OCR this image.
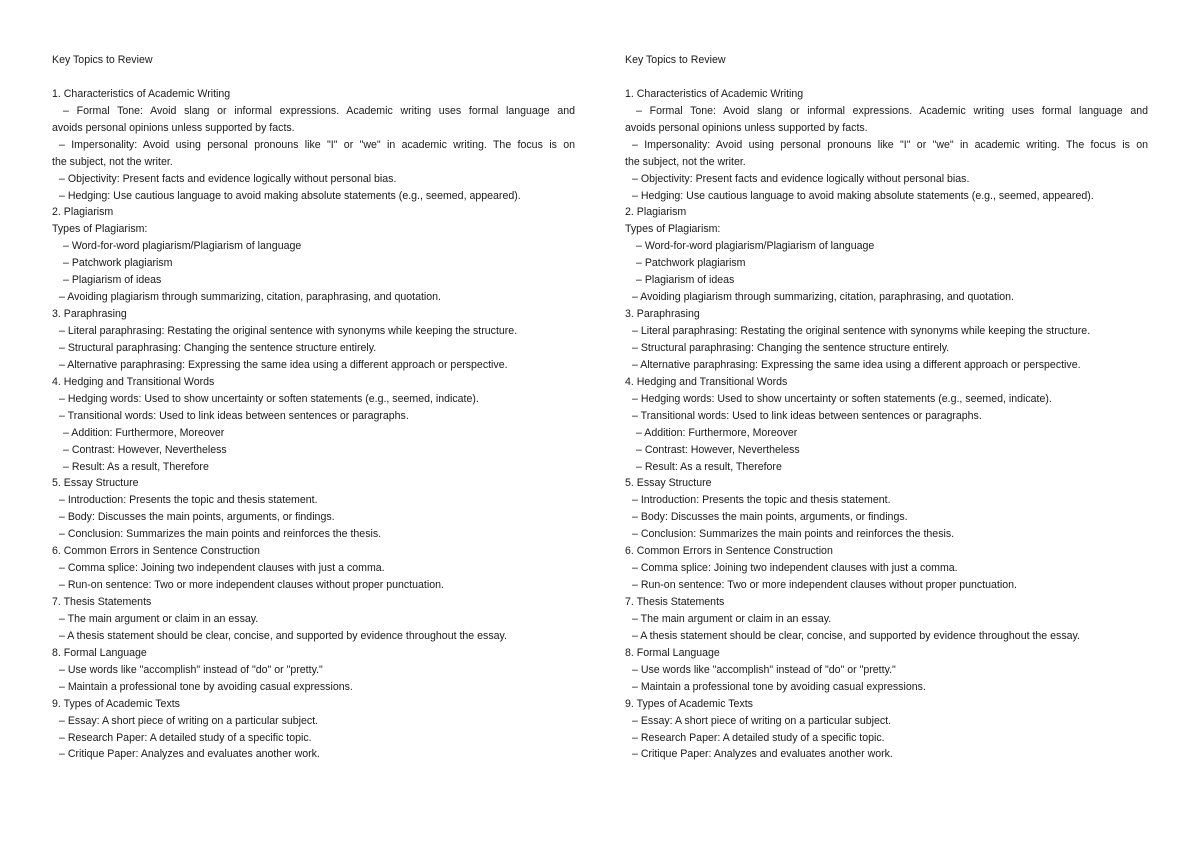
Key Topics to Review
1. Characteristics of Academic Writing
– Formal Tone: Avoid slang or informal expressions. Academic writing uses formal language and
avoids personal opinions unless supported by facts.
– Impersonality: Avoid using personal pronouns like "I" or "we" in academic writing. The focus is on
the subject, not the writer.
– Objectivity: Present facts and evidence logically without personal bias.
– Hedging: Use cautious language to avoid making absolute statements (e.g., seemed, appeared).
2. Plagiarism
Types of Plagiarism:
– Word-for-word plagiarism/Plagiarism of language
– Patchwork plagiarism
– Plagiarism of ideas
– Avoiding plagiarism through summarizing, citation, paraphrasing, and quotation.
3. Paraphrasing
– Literal paraphrasing: Restating the original sentence with synonyms while keeping the structure.
– Structural paraphrasing: Changing the sentence structure entirely.
– Alternative paraphrasing: Expressing the same idea using a different approach or perspective.
4. Hedging and Transitional Words
– Hedging words: Used to show uncertainty or soften statements (e.g., seemed, indicate).
– Transitional words: Used to link ideas between sentences or paragraphs.
– Addition: Furthermore, Moreover
– Contrast: However, Nevertheless
– Result: As a result, Therefore
5. Essay Structure
– Introduction: Presents the topic and thesis statement.
– Body: Discusses the main points, arguments, or findings.
– Conclusion: Summarizes the main points and reinforces the thesis.
6. Common Errors in Sentence Construction
– Comma splice: Joining two independent clauses with just a comma.
– Run-on sentence: Two or more independent clauses without proper punctuation.
7. Thesis Statements
– The main argument or claim in an essay.
– A thesis statement should be clear, concise, and supported by evidence throughout the essay.
8. Formal Language
– Use words like "accomplish" instead of "do" or "pretty."
– Maintain a professional tone by avoiding casual expressions.
9. Types of Academic Texts
– Essay: A short piece of writing on a particular subject.
– Research Paper: A detailed study of a specific topic.
– Critique Paper: Analyzes and evaluates another work.
Key Topics to Review
1. Characteristics of Academic Writing
– Formal Tone: Avoid slang or informal expressions. Academic writing uses formal language and
avoids personal opinions unless supported by facts.
– Impersonality: Avoid using personal pronouns like "I" or "we" in academic writing. The focus is on
the subject, not the writer.
– Objectivity: Present facts and evidence logically without personal bias.
– Hedging: Use cautious language to avoid making absolute statements (e.g., seemed, appeared).
2. Plagiarism
Types of Plagiarism:
– Word-for-word plagiarism/Plagiarism of language
– Patchwork plagiarism
– Plagiarism of ideas
– Avoiding plagiarism through summarizing, citation, paraphrasing, and quotation.
3. Paraphrasing
– Literal paraphrasing: Restating the original sentence with synonyms while keeping the structure.
– Structural paraphrasing: Changing the sentence structure entirely.
– Alternative paraphrasing: Expressing the same idea using a different approach or perspective.
4. Hedging and Transitional Words
– Hedging words: Used to show uncertainty or soften statements (e.g., seemed, indicate).
– Transitional words: Used to link ideas between sentences or paragraphs.
– Addition: Furthermore, Moreover
– Contrast: However, Nevertheless
– Result: As a result, Therefore
5. Essay Structure
– Introduction: Presents the topic and thesis statement.
– Body: Discusses the main points, arguments, or findings.
– Conclusion: Summarizes the main points and reinforces the thesis.
6. Common Errors in Sentence Construction
– Comma splice: Joining two independent clauses with just a comma.
– Run-on sentence: Two or more independent clauses without proper punctuation.
7. Thesis Statements
– The main argument or claim in an essay.
– A thesis statement should be clear, concise, and supported by evidence throughout the essay.
8. Formal Language
– Use words like "accomplish" instead of "do" or "pretty."
– Maintain a professional tone by avoiding casual expressions.
9. Types of Academic Texts
– Essay: A short piece of writing on a particular subject.
– Research Paper: A detailed study of a specific topic.
– Critique Paper: Analyzes and evaluates another work.
